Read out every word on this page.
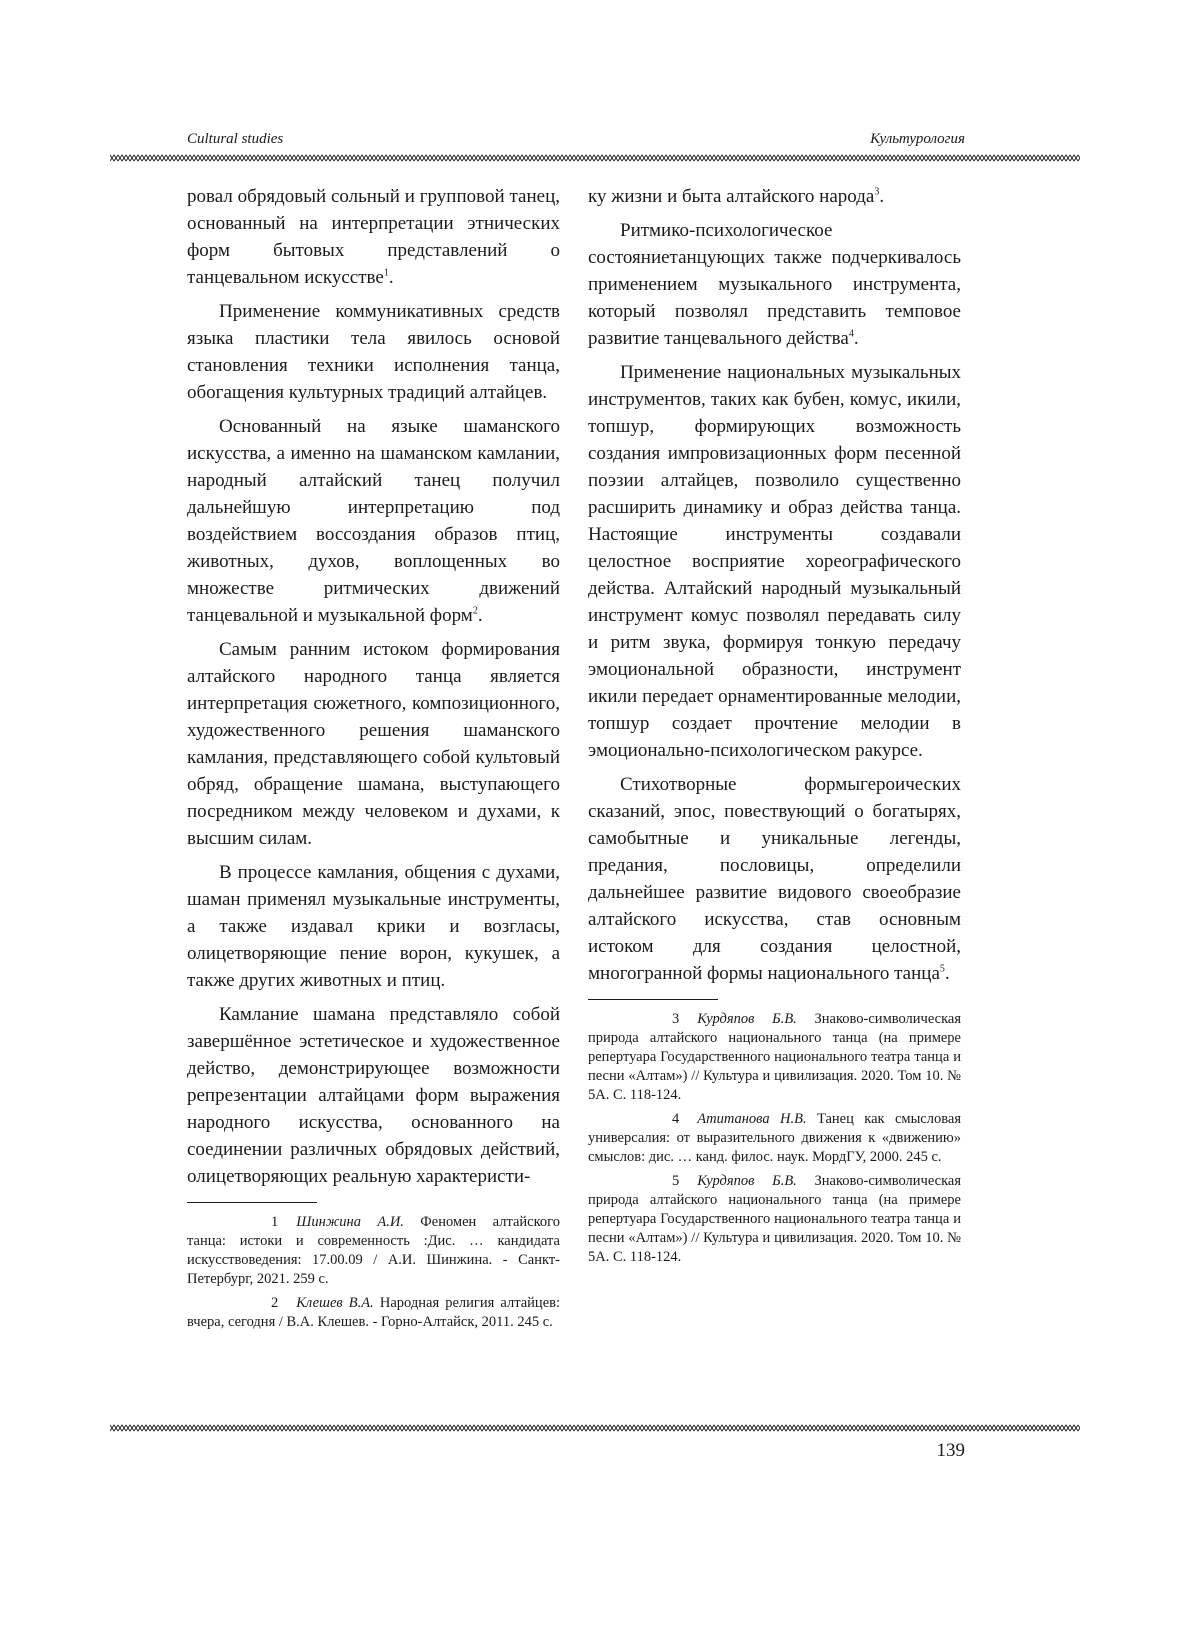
Cultural studies	Культурология

ровал обрядовый сольный и групповой танец, основанный на интерпретации этнических форм бытовых представлений о танцевальном искусстве1.

Применение коммуникативных средств языка пластики тела явилось основой становления техники исполнения танца, обогащения культурных традиций алтайцев.

Основанный на языке шаманского искусства, а именно на шаманском камлании, народный алтайский танец получил дальнейшую интерпретацию под воздействием воссоздания образов птиц, животных, духов, воплощенных во множестве ритмических движений танцевальной и музыкальной форм2.

Самым ранним истоком формирования алтайского народного танца является интерпретация сюжетного, композиционного, художественного решения шаманского камлания, представляющего собой культовый обряд, обращение шамана, выступающего посредником между человеком и духами, к высшим силам.

В процессе камлания, общения с духами, шаман применял музыкальные инструменты, а также издавал крики и возгласы, олицетворяющие пение ворон, кукушек, а также других животных и птиц.

Камлание шамана представляло собой завершённое эстетическое и художественное действо, демонстрирующее возможности репрезентации алтайцами форм выражения народного искусства, основанного на соединении различных обрядовых действий, олицетворяющих реальную характеристи-

1 Шинжина А.И. Феномен алтайского танца: истоки и современность :Дис. … кандидата искусствоведения: 17.00.09 / А.И. Шинжина. - Санкт-Петербург, 2021. 259 с.

2 Клешев В.А. Народная религия алтайцев: вчера, сегодня / В.А. Клешев. - Горно-Алтайск, 2011. 245 с.

ку жизни и быта алтайского народа3.

Ритмико-психологическое состояниетанцующих также подчеркивалось применением музыкального инструмента, который позволял представить темповое развитие танцевального действа4.

Применение национальных музыкальных инструментов, таких как бубен, комус, икили, топшур, формирующих возможность создания импровизационных форм песенной поэзии алтайцев, позволило существенно расширить динамику и образ действа танца. Настоящие инструменты создавали целостное восприятие хореографического действа. Алтайский народный музыкальный инструмент комус позволял передавать силу и ритм звука, формируя тонкую передачу эмоциональной образности, инструмент икили передает орнаментированные мелодии, топшур создает прочтение мелодии в эмоционально-психологическом ракурсе.

Стихотворные формыгероических сказаний, эпос, повествующий о богатырях, самобытные и уникальные легенды, предания, пословицы, определили дальнейшее развитие видового своеобразие алтайского искусства, став основным истоком для создания целостной, многогранной формы национального танца5.

3 Курдяпов Б.В. Знаково-символическая природа алтайского национального танца (на примере репертуара Государственного национального театра танца и песни «Алтам») // Культура и цивилизация. 2020. Том 10. № 5А. С. 118-124.

4 Атитанова Н.В. Танец как смысловая универсалия: от выразительного движения к «движению» смыслов: дис. … канд. филос. наук. МордГУ, 2000. 245 с.

5 Курдяпов Б.В. Знаково-символическая природа алтайского национального танца (на примере репертуара Государственного национального театра танца и песни «Алтам») // Культура и цивилизация. 2020. Том 10. № 5А. С. 118-124.

139
